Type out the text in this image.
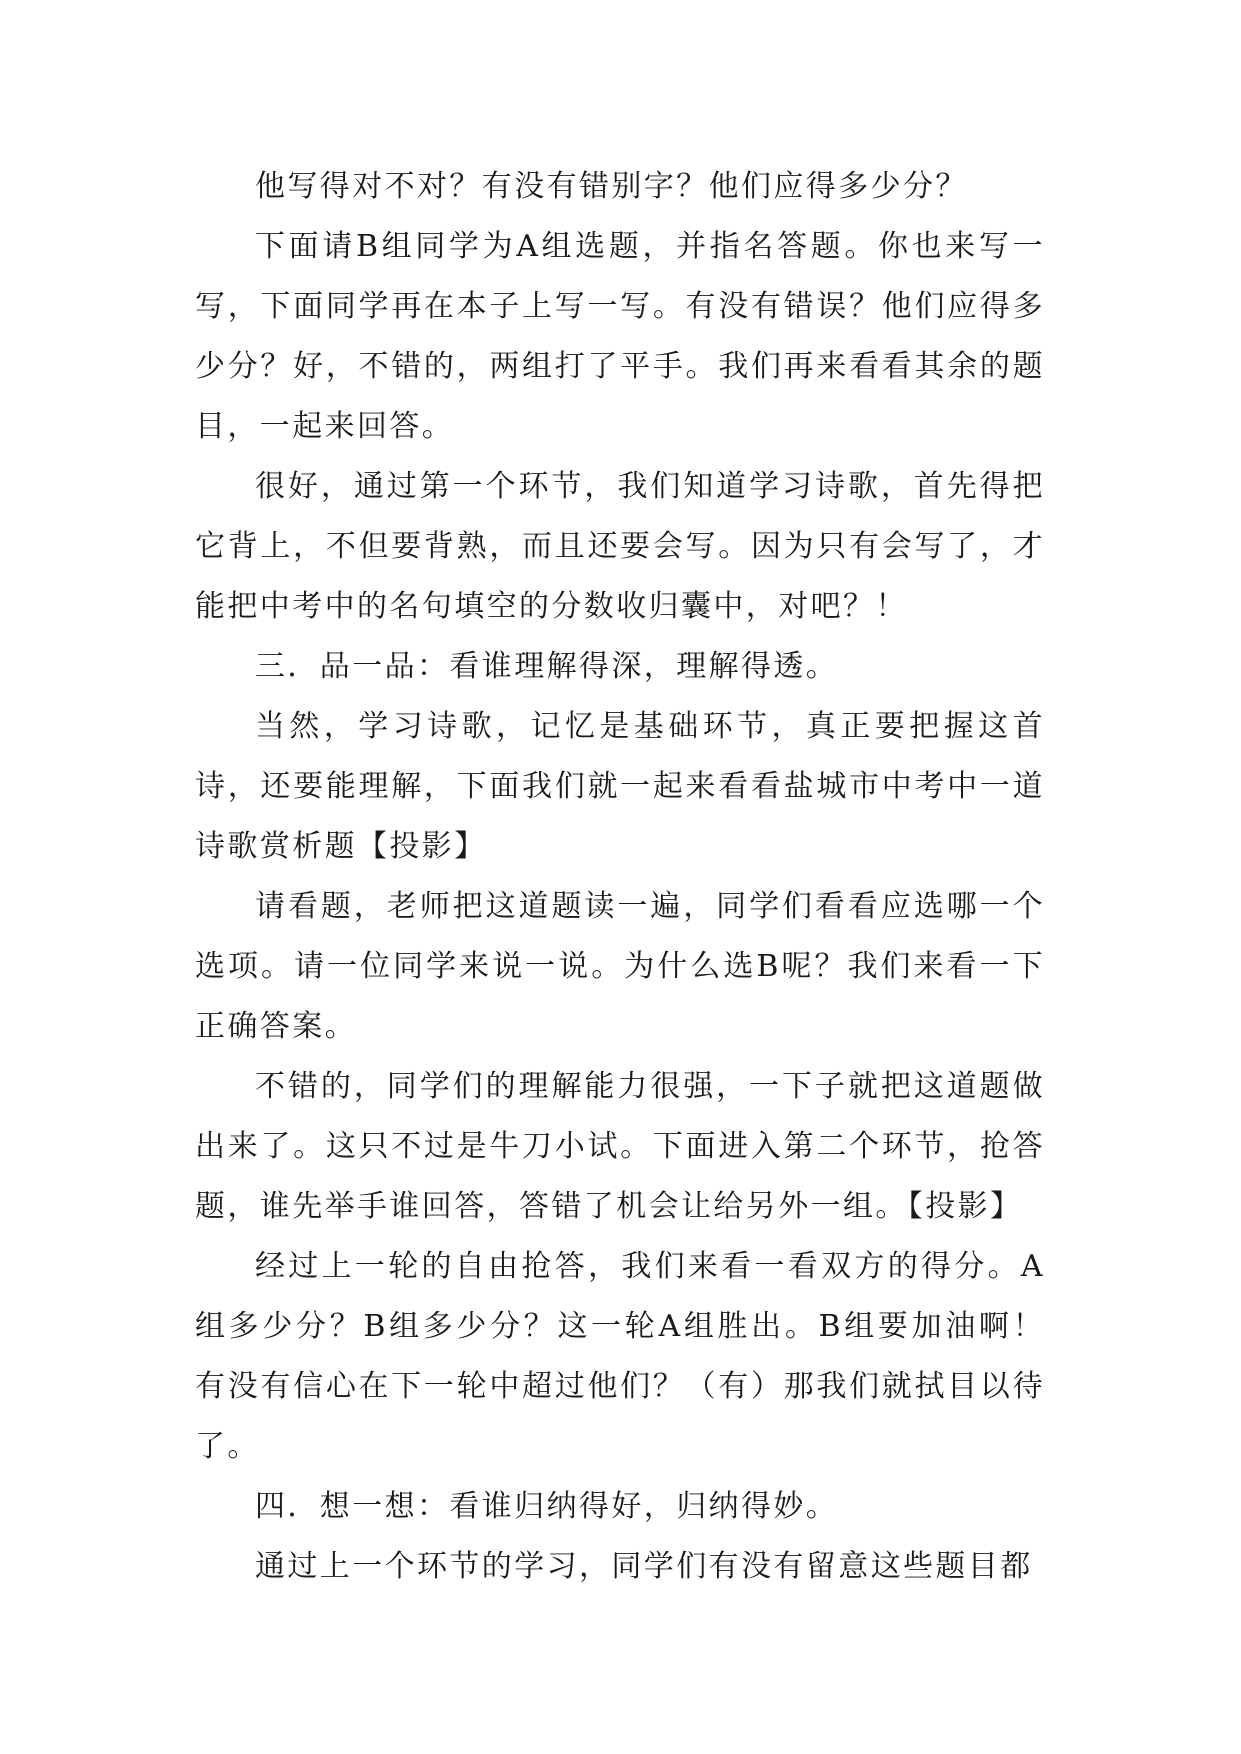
他写得对不对？有没有错别字？他们应得多少分？

下面请B组同学为A组选题，并指名答题。你也来写一写，下面同学再在本子上写一写。有没有错误？他们应得多少分？好，不错的，两组打了平手。我们再来看看其余的题目，一起来回答。

很好，通过第一个环节，我们知道学习诗歌，首先得把它背上，不但要背熟，而且还要会写。因为只有会写了，才能把中考中的名句填空的分数收归囊中，对吧？！

三．品一品：看谁理解得深，理解得透。

当然，学习诗歌，记忆是基础环节，真正要把握这首诗，还要能理解，下面我们就一起来看看盐城市中考中一道诗歌赏析题【投影】

请看题，老师把这道题读一遍，同学们看看应选哪一个选项。请一位同学来说一说。为什么选B呢？我们来看一下正确答案。

不错的，同学们的理解能力很强，一下子就把这道题做出来了。这只不过是牛刀小试。下面进入第二个环节，抢答题，谁先举手谁回答，答错了机会让给另外一组。【投影】

经过上一轮的自由抢答，我们来看一看双方的得分。A组多少分？B组多少分？这一轮A组胜出。B组要加油啊！有没有信心在下一轮中超过他们？（有）那我们就拭目以待了。

四．想一想：看谁归纳得好，归纳得妙。

通过上一个环节的学习，同学们有没有留意这些题目都
